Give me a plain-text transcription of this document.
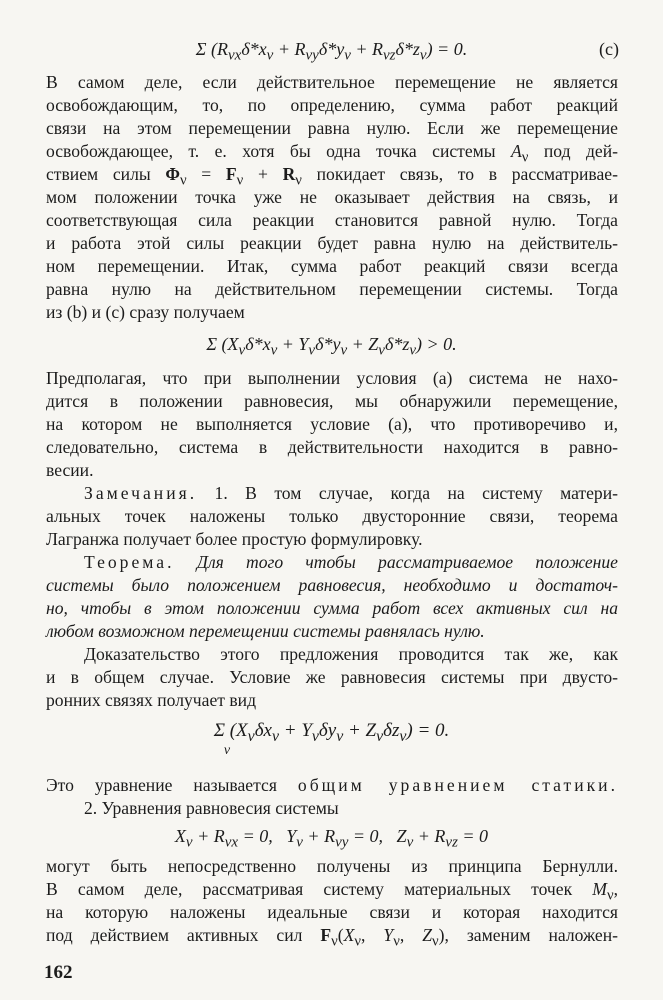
Σ $(R_{\nu x}\delta*x_\nu + R_{\nu y}\delta*y_\nu + R_{\nu z}\delta*z_\nu) = 0$.	(с)
В самом деле, если действительное перемещение не является
освобождающим, то, по определению, сумма работ реакций
связи на этом перемещении равна нулю. Если же перемещение
освобождающее, т. е. хотя бы одна точка системы $A_\nu$ под дей-
ствием силы $\Phi_\nu = F_\nu + R_\nu$ покидает связь, то в рассматривае-
мом положении точка уже не оказывает действия на связь, и
соответствующая сила реакции становится равной нулю. Тогда
и работа этой силы реакции будет равна нулю на действитель-
ном перемещении. Итак, сумма работ реакций связи всегда
равна нулю на действительном перемещении системы. Тогда
из (b) и (c) сразу получаем
Σ $(X_\nu\delta*x_\nu + Y_\nu\delta*y_\nu + Z_\nu\delta*z_\nu) > 0$.
Предполагая, что при выполнении условия (а) система не нахо-
дится в положении равновесия, мы обнаружили перемещение,
на котором не выполняется условие (а), что противоречиво и,
следовательно, система в действительности находится в равно-
весии.
Замечания. 1. В том случае, когда на систему матери-
альных точек наложены только двусторонние связи, теорема
Лагранжа получает более простую формулировку.
Теорема. Для того чтобы рассматриваемое положение
системы было положением равновесия, необходимо и достаточ-
но, чтобы в этом положении сумма работ всех активных сил на
любом возможном перемещении системы равнялась нулю.
Доказательство этого предложения проводится так же, как
и в общем случае. Условие же равновесия системы при двусто-
ронних связях получает вид
Σ $(X_\nu\delta x_\nu + Y_\nu\delta y_\nu + Z_\nu\delta z_\nu) = 0$.
ν
Это уравнение называется общим уравнением статики.
2. Уравнения равновесия системы
$X_\nu + R_{\nu x} = 0$,   $Y_\nu + R_{\nu y} = 0$,   $Z_\nu + R_{\nu z} = 0$
могут быть непосредственно получены из принципа Бернулли.
В самом деле, рассматривая систему материальных точек $M_\nu$,
на которую наложены идеальные связи и которая находится
под действием активных сил $F_\nu(X_\nu$, $Y_\nu$, $Z_\nu$), заменим наложен-
162
